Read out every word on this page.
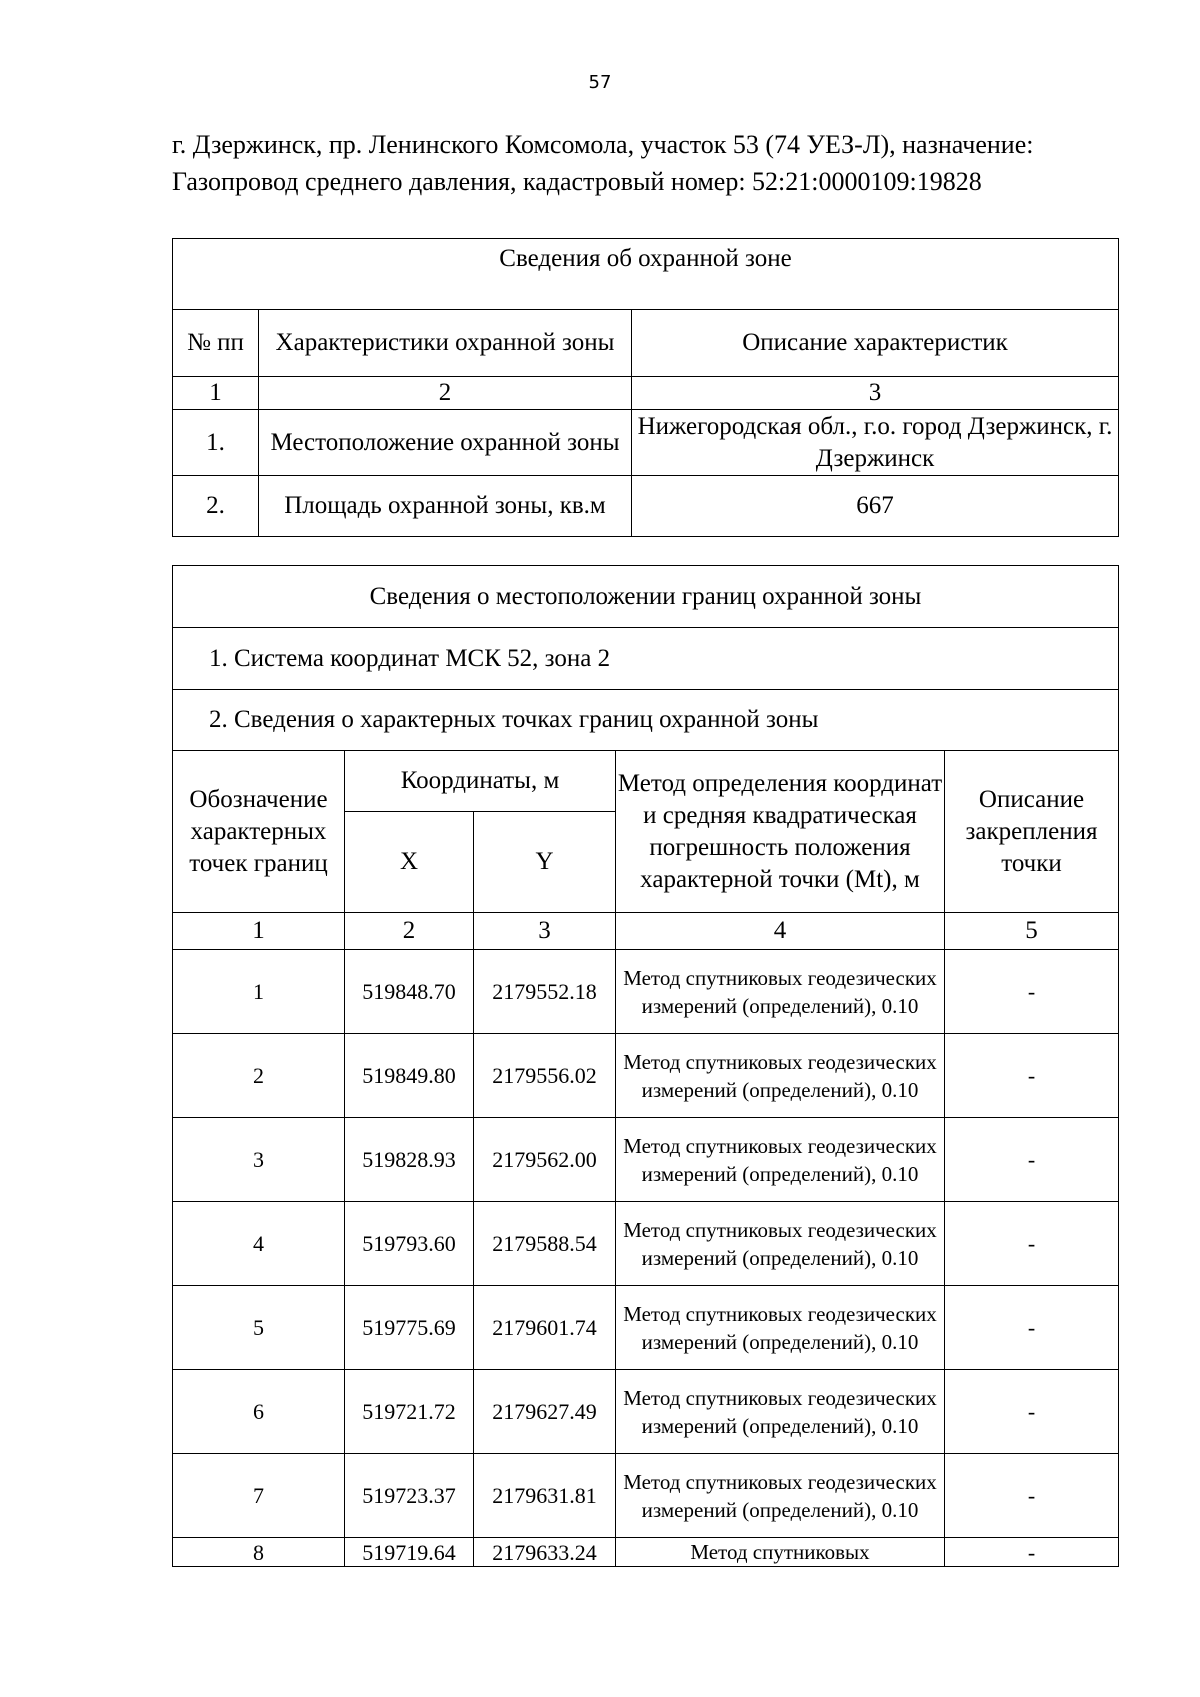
57
г. Дзержинск, пр. Ленинского Комсомола, участок 53 (74 УЕЗ-Л), назначение:
Газопровод среднего давления, кадастровый номер: 52:21:0000109:19828
Сведения об охранной зоне		
№ пп	Характеристики охранной зоны	Описание характеристик
1	2	3
1.	Местоположение охранной зоны	Нижегородская обл., г.о. город Дзержинск, г. Дзержинск
2.	Площадь охранной зоны, кв.м	667
Сведения о местоположении границ охранной зоны				
1. Система координат МСК 52, зона 2				
2. Сведения о характерных точках границ охранной зоны				
Обозначение характерных точек границ	Координаты, м		Метод определения координат и средняя квадратическая погрешность положения характерной точки (Mt), м	Описание закрепления точки
	X	Y		
1	2	3	4	5
1	519848.70	2179552.18	Метод спутниковых геодезических измерений (определений), 0.10	-
2	519849.80	2179556.02	Метод спутниковых геодезических измерений (определений), 0.10	-
3	519828.93	2179562.00	Метод спутниковых геодезических измерений (определений), 0.10	-
4	519793.60	2179588.54	Метод спутниковых геодезических измерений (определений), 0.10	-
5	519775.69	2179601.74	Метод спутниковых геодезических измерений (определений), 0.10	-
6	519721.72	2179627.49	Метод спутниковых геодезических измерений (определений), 0.10	-
7	519723.37	2179631.81	Метод спутниковых геодезических измерений (определений), 0.10	-
8	519719.64	2179633.24	Метод спутниковых	-
